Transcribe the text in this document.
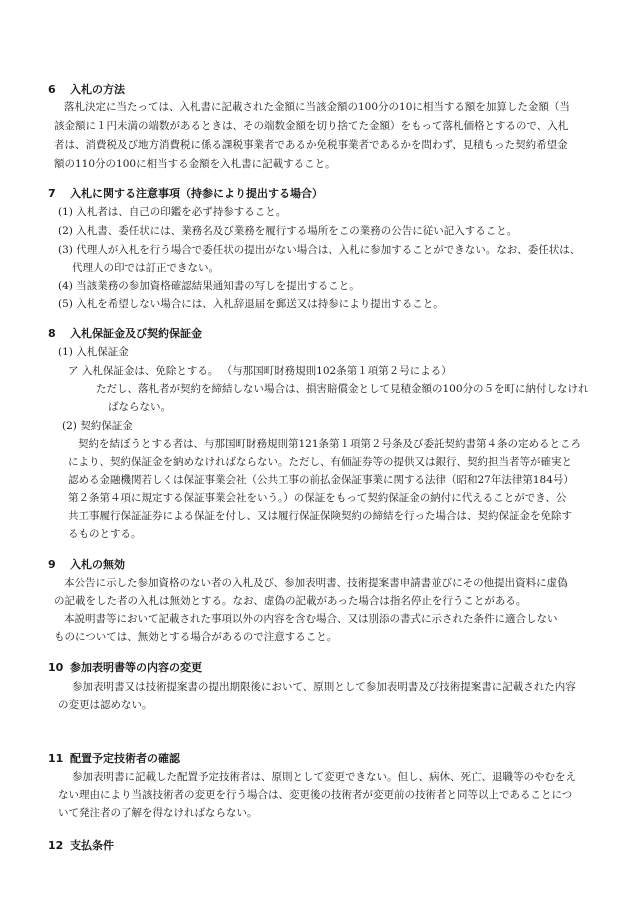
6 入札の方法
落札決定に当たっては、入札書に記載された金額に当該金額の100分の10に相当する額を加算した金額（当
該金額に１円未満の端数があるときは、その端数金額を切り捨てた金額）をもって落札価格とするので、入札
者は、消費税及び地方消費税に係る課税事業者であるか免税事業者であるかを問わず、見積もった契約希望金
額の110分の100に相当する金額を入札書に記載すること。
7 入札に関する注意事項（持参により提出する場合）
(1) 入札者は、自己の印鑑を必ず持参すること。
(2) 入札書、委任状には、業務名及び業務を履行する場所をこの業務の公告に従い記入すること。
(3) 代理人が入札を行う場合で委任状の提出がない場合は、入札に参加することができない。なお、委任状は、
代理人の印では訂正できない。
(4) 当該業務の参加資格確認結果通知書の写しを提出すること。
(5) 入札を希望しない場合には、入札辞退届を郵送又は持参により提出すること。
8 入札保証金及び契約保証金
(1) 入札保証金
ア 入札保証金は、免除とする。 （与那国町財務規則102条第１項第２号による）
ただし、落札者が契約を締結しない場合は、損害賠償金として見積金額の100分の５を町に納付しなけれ
ばならない。
(2) 契約保証金
契約を結ぼうとする者は、与那国町財務規則第121条第１項第２号条及び委託契約書第４条の定めるところ
により、契約保証金を納めなければならない。ただし、有価証券等の提供又は銀行、契約担当者等が確実と
認める金融機関若しくは保証事業会社（公共工事の前払金保証事業に関する法律（昭和27年法律第184号）
第２条第４項に規定する保証事業会社をいう。）の保証をもって契約保証金の納付に代えることができ、公
共工事履行保証証券による保証を付し、又は履行保証保険契約の締結を行った場合は、契約保証金を免除す
るものとする。
9 入札の無効
本公告に示した参加資格のない者の入札及び、参加表明書、技術提案書申請書並びにその他提出資料に虚偽
の記載をした者の入札は無効とする。なお、虚偽の記載があった場合は指名停止を行うことがある。
本説明書等において記載された事項以外の内容を含む場合、又は別添の書式に示された条件に適合しない
ものについては、無効とする場合があるので注意すること。
10 参加表明書等の内容の変更
参加表明書又は技術提案書の提出期限後において、原則として参加表明書及び技術提案書に記載された内容
の変更は認めない。
11 配置予定技術者の確認
参加表明書に記載した配置予定技術者は、原則として変更できない。但し、病休、死亡、退職等のやむをえ
ない理由により当該技術者の変更を行う場合は、変更後の技術者が変更前の技術者と同等以上であることにつ
いて発注者の了解を得なければならない。
12 支払条件
